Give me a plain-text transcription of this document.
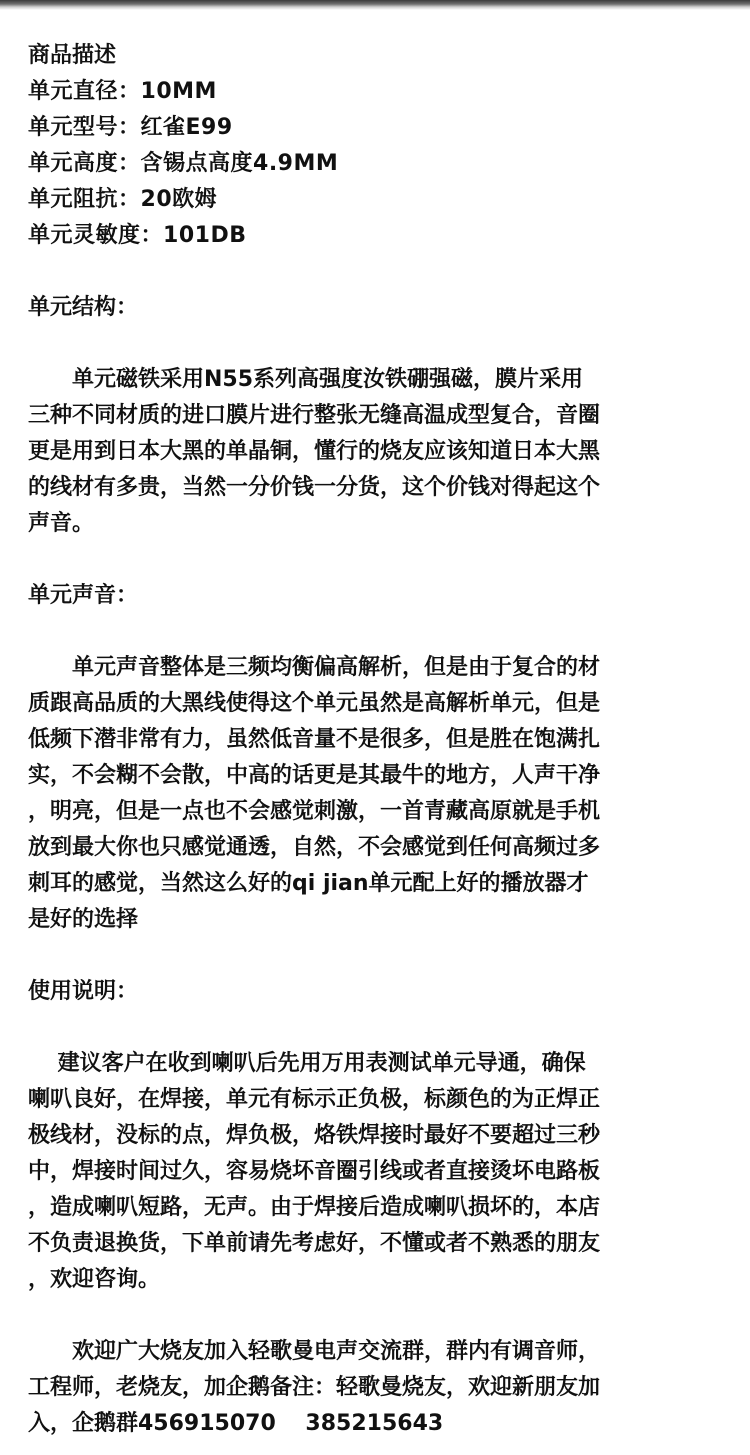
商品描述
单元直径：10MM
单元型号：红雀E99
单元高度：含锡点高度4.9MM
单元阻抗：20欧姆
单元灵敏度：101DB
单元结构：
　　单元磁铁采用N55系列高强度汝铁硼强磁，膜片采用
三种不同材质的进口膜片进行整张无缝高温成型复合，音圈
更是用到日本大黑的单晶铜，懂行的烧友应该知道日本大黑
的线材有多贵，当然一分价钱一分货，这个价钱对得起这个
声音。
单元声音：
　　单元声音整体是三频均衡偏高解析，但是由于复合的材
质跟高品质的大黑线使得这个单元虽然是高解析单元，但是
低频下潜非常有力，虽然低音量不是很多，但是胜在饱满扎
实，不会糊不会散，中高的话更是其最牛的地方，人声干净
，明亮，但是一点也不会感觉刺激，一首青藏高原就是手机
放到最大你也只感觉通透，自然，不会感觉到任何高频过多
刺耳的感觉，当然这么好的qi jian单元配上好的播放器才
是好的选择
使用说明：
　 建议客户在收到喇叭后先用万用表测试单元导通，确保
喇叭良好，在焊接，单元有标示正负极，标颜色的为正焊正
极线材，没标的点，焊负极，烙铁焊接时最好不要超过三秒
中，焊接时间过久，容易烧坏音圈引线或者直接烫坏电路板
，造成喇叭短路，无声。由于焊接后造成喇叭损坏的，本店
不负责退换货，下单前请先考虑好，不懂或者不熟悉的朋友
，欢迎咨询。
　　欢迎广大烧友加入轻歌曼电声交流群，群内有调音师，
工程师，老烧友，加企鹅备注：轻歌曼烧友，欢迎新朋友加
入，企鹅群456915070　 385215643
